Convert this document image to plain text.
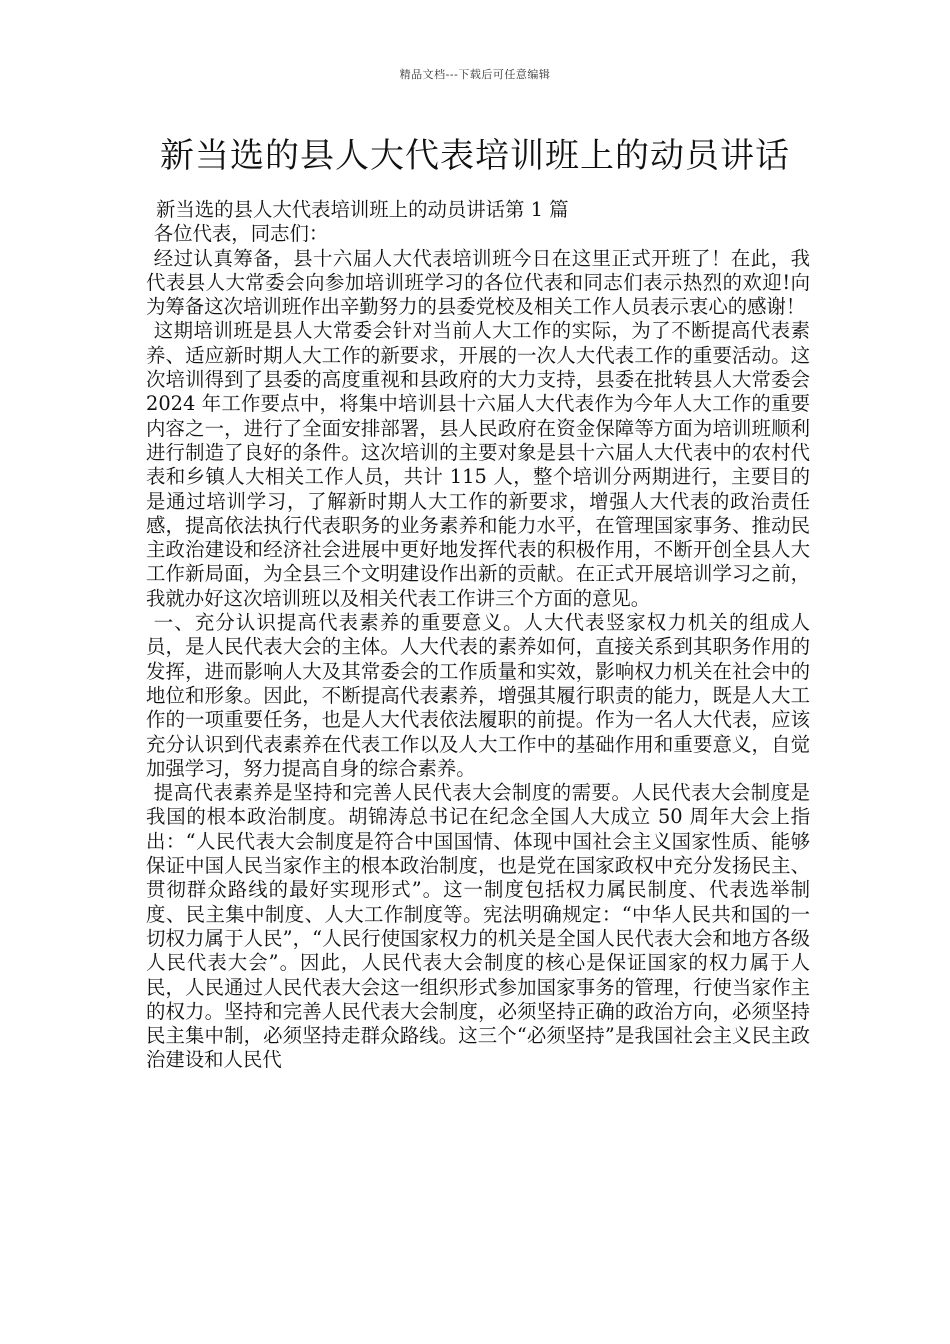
精品文档---下载后可任意编辑
新当选的县人大代表培训班上的动员讲话

新当选的县人大代表培训班上的动员讲话第 1 篇

各位代表，同志们：

经过认真筹备，县十六届人大代表培训班今日在这里正式开班了！在此，我代表县人大常委会向参加培训班学习的各位代表和同志们表示热烈的欢迎!向为筹备这次培训班作出辛勤努力的县委党校及相关工作人员表示衷心的感谢！

这期培训班是县人大常委会针对当前人大工作的实际，为了不断提高代表素养、适应新时期人大工作的新要求，开展的一次人大代表工作的重要活动。这次培训得到了县委的高度重视和县政府的大力支持，县委在批转县人大常委会 2024 年工作要点中，将集中培训县十六届人大代表作为今年人大工作的重要内容之一，进行了全面安排部署，县人民政府在资金保障等方面为培训班顺利进行制造了良好的条件。这次培训的主要对象是县十六届人大代表中的农村代表和乡镇人大相关工作人员，共计 115 人，整个培训分两期进行，主要目的是通过培训学习，了解新时期人大工作的新要求，增强人大代表的政治责任感，提高依法执行代表职务的业务素养和能力水平，在管理国家事务、推动民主政治建设和经济社会进展中更好地发挥代表的积极作用，不断开创全县人大工作新局面，为全县三个文明建设作出新的贡献。在正式开展培训学习之前，我就办好这次培训班以及相关代表工作讲三个方面的意见。

一、充分认识提高代表素养的重要意义。人大代表竖家权力机关的组成人员，是人民代表大会的主体。人大代表的素养如何，直接关系到其职务作用的发挥，进而影响人大及其常委会的工作质量和实效，影响权力机关在社会中的地位和形象。因此，不断提高代表素养，增强其履行职责的能力，既是人大工作的一项重要任务，也是人大代表依法履职的前提。作为一名人大代表，应该充分认识到代表素养在代表工作以及人大工作中的基础作用和重要意义，自觉加强学习，努力提高自身的综合素养。

提高代表素养是坚持和完善人民代表大会制度的需要。人民代表大会制度是我国的根本政治制度。胡锦涛总书记在纪念全国人大成立 50 周年大会上指出：“人民代表大会制度是符合中国国情、体现中国社会主义国家性质、能够保证中国人民当家作主的根本政治制度，也是党在国家政权中充分发扬民主、贯彻群众路线的最好实现形式”。这一制度包括权力属民制度、代表选举制度、民主集中制度、人大工作制度等。宪法明确规定：“中华人民共和国的一切权力属于人民”，“人民行使国家权力的机关是全国人民代表大会和地方各级人民代表大会”。因此，人民代表大会制度的核心是保证国家的权力属于人民，人民通过人民代表大会这一组织形式参加国家事务的管理，行使当家作主的权力。坚持和完善人民代表大会制度，必须坚持正确的政治方向，必须坚持民主集中制，必须坚持走群众路线。这三个“必须坚持”是我国社会主义民主政治建设和人民代
